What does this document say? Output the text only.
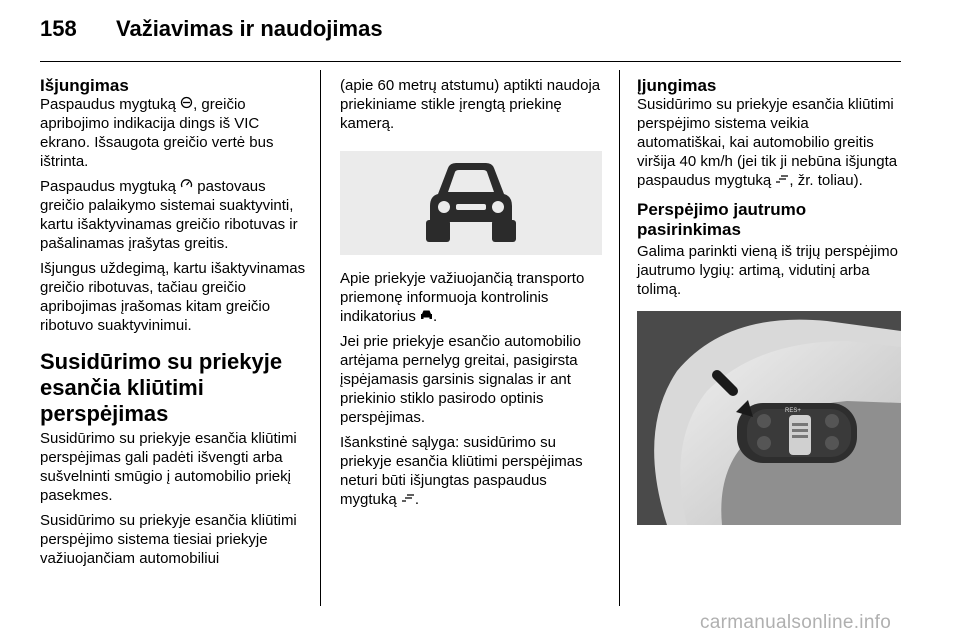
158	Važiavimas ir naudojimas
Išjungimas

Paspaudus mygtuką , greičio apribojimo indikacija dings iš VIC ekrano. Išsaugota greičio vertė bus ištrinta.

Paspaudus mygtuką  pastovaus greičio palaikymo sistemai suaktyvinti, kartu išaktyvinamas greičio ribotuvas ir pašalinamas įrašytas greitis.

Išjungus uždegimą, kartu išaktyvinamas greičio ribotuvas, tačiau greičio apribojimas įrašomas kitam greičio ribotuvo suaktyvinimui.

Susidūrimo su priekyje esančia kliūtimi perspėjimas

Susidūrimo su priekyje esančia kliūtimi perspėjimas gali padėti išvengti arba sušvelninti smūgio į automobilio priekį pasekmes.

Susidūrimo su priekyje esančia kliūtimi perspėjimo sistema tiesiai priekyje važiuojančiam automobiliui

(apie 60 metrų atstumu) aptikti naudoja priekiniame stikle įrengtą priekinę kamerą.

Apie priekyje važiuojančią transporto priemonę informuoja kontrolinis indikatorius .

Jei prie priekyje esančio automobilio artėjama pernelyg greitai, pasigirsta įspėjamasis garsinis signalas ir ant priekinio stiklo pasirodo optinis perspėjimas.

Išankstinė sąlyga: susidūrimo su priekyje esančia kliūtimi perspėjimas neturi būti išjungtas paspaudus mygtuką .

Įjungimas

Susidūrimo su priekyje esančia kliūtimi perspėjimo sistema veikia automatiškai, kai automobilio greitis viršija 40 km/h (jei tik ji nebūna išjungta paspaudus mygtuką , žr. toliau).

Perspėjimo jautrumo pasirinkimas

Galima parinkti vieną iš trijų perspėjimo jautrumo lygių: artimą, vidutinį arba tolimą.

RES+
carmanualsonline.info
